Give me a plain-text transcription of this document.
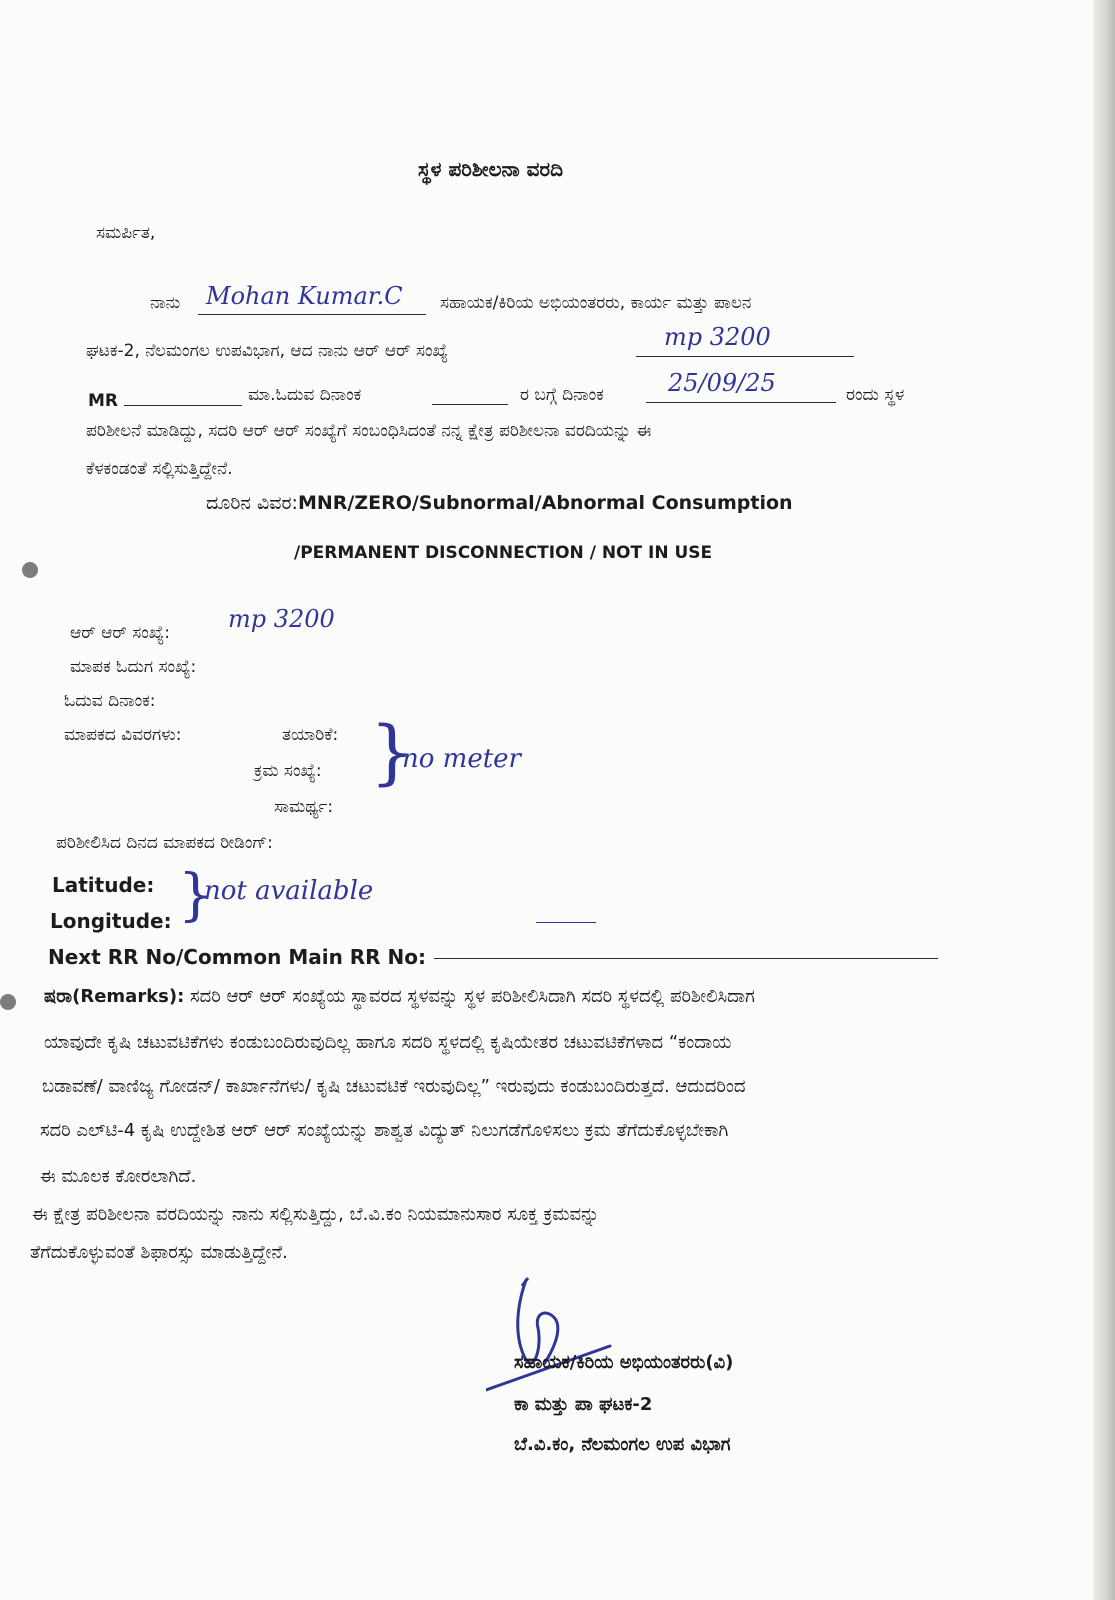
ಸ್ಥಳ ಪರಿಶೀಲನಾ ವರದಿ
ಸಮರ್ಪಿತ,
ನಾನು Mohan Kumar.C ಸಹಾಯಕ/ಕಿರಿಯ ಅಭಿಯಂತರರು, ಕಾರ್ಯ ಮತ್ತು ಪಾಲನ
ಘಟಕ-2, ನೆಲಮಂಗಲ ಉಪವಿಭಾಗ, ಆದ ನಾನು ಆರ್ ಆರ್ ಸಂಖ್ಯೆ	mp 3200
MR	ಮಾ.ಓದುವ ದಿನಾಂಕ	ರ ಬಗ್ಗೆ ದಿನಾಂಕ	25/09/25	ರಂದು ಸ್ಥಳ
ಪರಿಶೀಲನೆ ಮಾಡಿದ್ದು, ಸದರಿ ಆರ್ ಆರ್ ಸಂಖ್ಯೆಗೆ ಸಂಬಂಧಿಸಿದಂತೆ ನನ್ನ ಕ್ಷೇತ್ರ ಪರಿಶೀಲನಾ ವರದಿಯನ್ನು ಈ
ಕೆಳಕಂಡಂತೆ ಸಲ್ಲಿಸುತ್ತಿದ್ದೇನೆ.
ದೂರಿನ ವಿವರ:MNR/ZERO/Subnormal/Abnormal Consumption
/PERMANENT DISCONNECTION / NOT IN USE
ಆರ್ ಆರ್ ಸಂಖ್ಯೆ: mp 3200
ಮಾಪಕ ಓದುಗ ಸಂಖ್ಯೆ:
ಓದುವ ದಿನಾಂಕ:
ಮಾಪಕದ ವಿವರಗಳು:	ತಯಾರಿಕೆ:
ಕ್ರಮ ಸಂಖ್ಯೆ:
ಸಾಮರ್ಥ್ಯ:
}
no meter
ಪರಿಶೀಲಿಸಿದ ದಿನದ ಮಾಪಕದ ರೀಡಿಂಗ್:
Latitude:
Longitude: }
not available
Next RR No/Common Main RR No:
ಷರಾ(Remarks): ಸದರಿ ಆರ್ ಆರ್ ಸಂಖ್ಯೆಯ ಸ್ಥಾವರದ ಸ್ಥಳವನ್ನು ಸ್ಥಳ ಪರಿಶೀಲಿಸಿದಾಗಿ ಸದರಿ ಸ್ಥಳದಲ್ಲಿ ಪರಿಶೀಲಿಸಿದಾಗ
ಯಾವುದೇ ಕೃಷಿ ಚಟುವಟಿಕೆಗಳು ಕಂಡುಬಂದಿರುವುದಿಲ್ಲ ಹಾಗೂ ಸದರಿ ಸ್ಥಳದಲ್ಲಿ ಕೃಷಿಯೇತರ ಚಟುವಟಿಕೆಗಳಾದ “ಕಂದಾಯ
ಬಡಾವಣೆ/ ವಾಣಿಜ್ಯ ಗೋಡನ್/ ಕಾರ್ಖಾನೆಗಳು/ ಕೃಷಿ ಚಟುವಟಿಕೆ ಇರುವುದಿಲ್ಲ” ಇರುವುದು ಕಂಡುಬಂದಿರುತ್ತದೆ. ಆದುದರಿಂದ
ಸದರಿ ಎಲ್‌ಟಿ-4 ಕೃಷಿ ಉದ್ದೇಶಿತ ಆರ್ ಆರ್ ಸಂಖ್ಯೆಯನ್ನು ಶಾಶ್ವತ ವಿದ್ಯುತ್ ನಿಲುಗಡೆಗೊಳಿಸಲು ಕ್ರಮ ತೆಗೆದುಕೊಳ್ಳಬೇಕಾಗಿ
ಈ ಮೂಲಕ ಕೋರಲಾಗಿದೆ.
ಈ ಕ್ಷೇತ್ರ ಪರಿಶೀಲನಾ ವರದಿಯನ್ನು ನಾನು ಸಲ್ಲಿಸುತ್ತಿದ್ದು, ಬೆ.ವಿ.ಕಂ ನಿಯಮಾನುಸಾರ ಸೂಕ್ತ ಕ್ರಮವನ್ನು
ತೆಗೆದುಕೊಳ್ಳುವಂತೆ ಶಿಫಾರಸ್ಸು ಮಾಡುತ್ತಿದ್ದೇನೆ.
ಸಹಾಯಕ/ಕಿರಿಯ ಅಭಿಯಂತರರು(ವಿ)
ಕಾ ಮತ್ತು ಪಾ ಘಟಕ-2
ಬೆ.ವಿ.ಕಂ, ನೆಲಮಂಗಲ ಉಪ ವಿಭಾಗ
